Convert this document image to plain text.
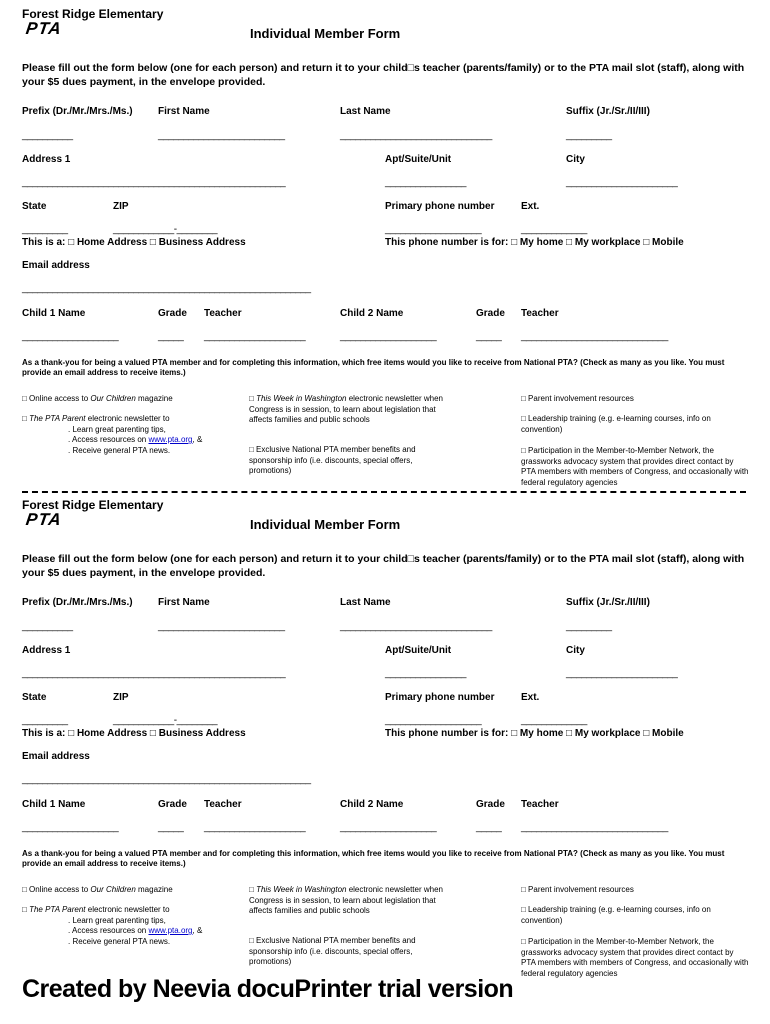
Forest Ridge Elementary
PTA	Individual Member Form
Please fill out the form below (one for each person) and return it to your child□s teacher (parents/family) or to the PTA mail slot (staff), along with your $5 dues payment, in the envelope provided.
Prefix (Dr./Mr./Mrs./Ms.)	First Name	Last Name	Suffix (Jr./Sr./II/III)
__________	_________________________	______________________________	_________
Address 1	Apt/Suite/Unit	City
____________________________________________________	________________	______________________
State	ZIP	Primary phone number	Ext.
_________	____________-________	___________________	_____________
This is a: □ Home Address □ Business Address	This phone number is for: □ My home □ My workplace □ Mobile
Email address
_________________________________________________________
Child 1 Name	Grade Teacher	Child 2 Name	Grade Teacher
___________________	_____ ____________________	___________________	_____ _____________________________
As a thank-you for being a valued PTA member and for completing this information, which free items would you like to receive from National PTA? (Check as many as you like. You must provide an email address to receive items.)
□ Online access to Our Children magazine
□ The PTA Parent electronic newsletter to
. Learn great parenting tips,
. Access resources on www.pta.org, &
. Receive general PTA news.
□ This Week in Washington electronic newsletter when Congress is in session, to learn about legislation that affects families and public schools
□ Exclusive National PTA member benefits and sponsorship info (i.e. discounts, special offers, promotions)
□ Parent involvement resources
□ Leadership training (e.g. e-learning courses, info on convention)
□ Participation in the Member-to-Member Network, the grassworks advocacy system that provides direct contact by PTA members with members of Congress, and occasionally with federal regulatory agencies
Forest Ridge Elementary
PTA	Individual Member Form
Please fill out the form below (one for each person) and return it to your child□s teacher (parents/family) or to the PTA mail slot (staff), along with your $5 dues payment, in the envelope provided.
Prefix (Dr./Mr./Mrs./Ms.)	First Name	Last Name	Suffix (Jr./Sr./II/III)
__________	_________________________	______________________________	_________
Address 1	Apt/Suite/Unit	City
____________________________________________________	________________	______________________
State	ZIP	Primary phone number	Ext.
_________	____________-________	___________________	_____________
This is a: □ Home Address □ Business Address	This phone number is for: □ My home □ My workplace □ Mobile
Email address
_________________________________________________________
Child 1 Name	Grade Teacher	Child 2 Name	Grade Teacher
___________________	_____ ____________________	___________________	_____ _____________________________
As a thank-you for being a valued PTA member and for completing this information, which free items would you like to receive from National PTA? (Check as many as you like. You must provide an email address to receive items.)
□ Online access to Our Children magazine
□ The PTA Parent electronic newsletter to
. Learn great parenting tips,
. Access resources on www.pta.org, &
. Receive general PTA news.
□ This Week in Washington electronic newsletter when Congress is in session, to learn about legislation that affects families and public schools
□ Exclusive National PTA member benefits and sponsorship info (i.e. discounts, special offers, promotions)
□ Parent involvement resources
□ Leadership training (e.g. e-learning courses, info on convention)
□ Participation in the Member-to-Member Network, the grassworks advocacy system that provides direct contact by PTA members with members of Congress, and occasionally with federal regulatory agencies
Created by Neevia docuPrinter trial version
